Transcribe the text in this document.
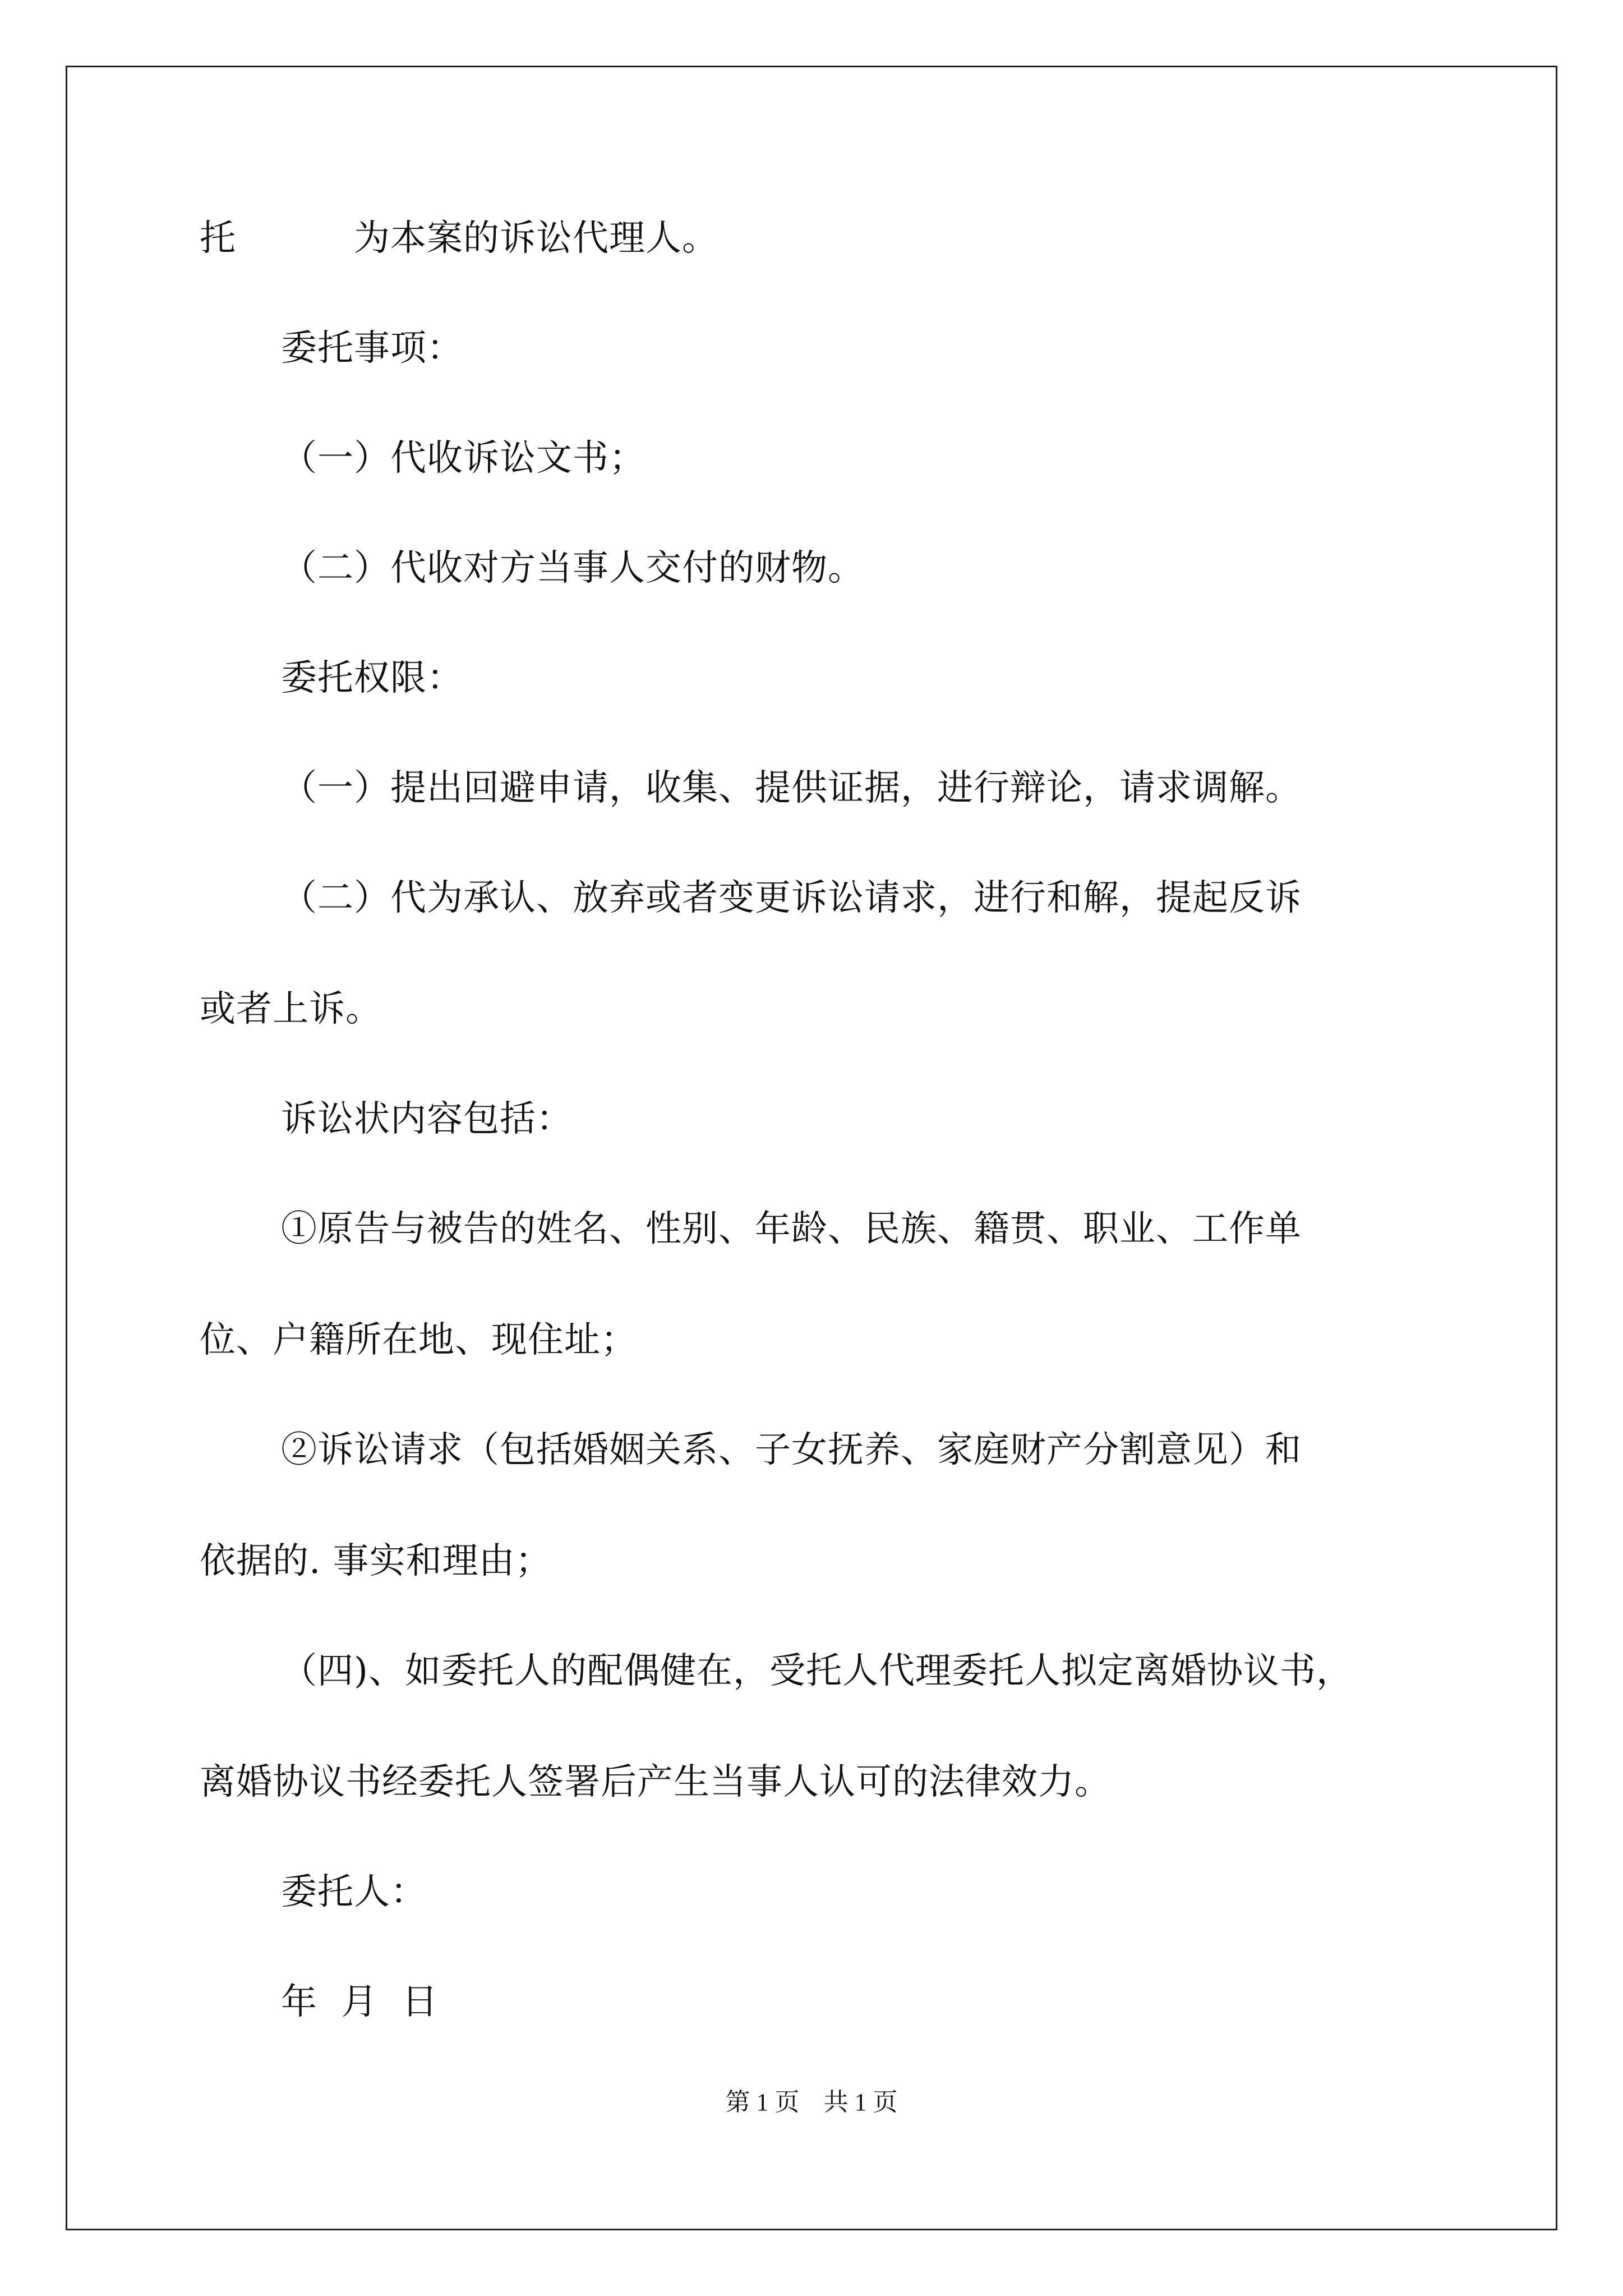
托	为本案的诉讼代理人。

委托事项：

（一）代收诉讼文书；

（二）代收对方当事人交付的财物。

委托权限：

（一）提出回避申请，收集、提供证据，进行辩论，请求调解。

（二）代为承认、放弃或者变更诉讼请求，进行和解，提起反诉

或者上诉。

诉讼状内容包括：

①原告与被告的姓名、性别、年龄、民族、籍贯、职业、工作单

位、户籍所在地、现住址；

②诉讼请求（包括婚姻关系、子女抚养、家庭财产分割意见）和

依据的. 事实和理由；

（四)、如委托人的配偶健在，受托人代理委托人拟定离婚协议书，

离婚协议书经委托人签署后产生当事人认可的法律效力。

委托人：

年  月  日

第 1 页 共 1 页
